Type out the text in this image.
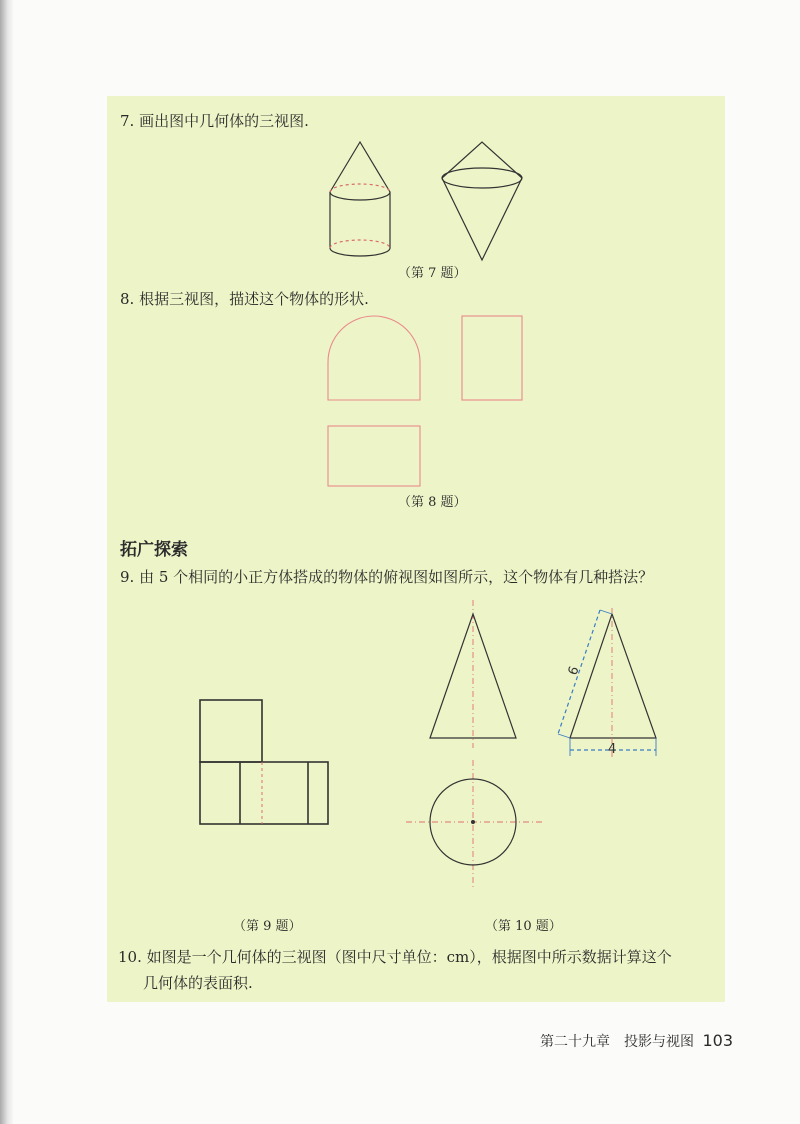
7. 画出图中几何体的三视图.
（第 7 题）
8. 根据三视图，描述这个物体的形状.
（第 8 题）
拓广探索
9. 由 5 个相同的小正方体搭成的物体的俯视图如图所示，这个物体有几种搭法？
（第 9 题）
6
4
（第 10 题）
10. 如图是一个几何体的三视图（图中尺寸单位：cm），根据图中所示数据计算这个
几何体的表面积.
第二十九章　投影与视图 103
